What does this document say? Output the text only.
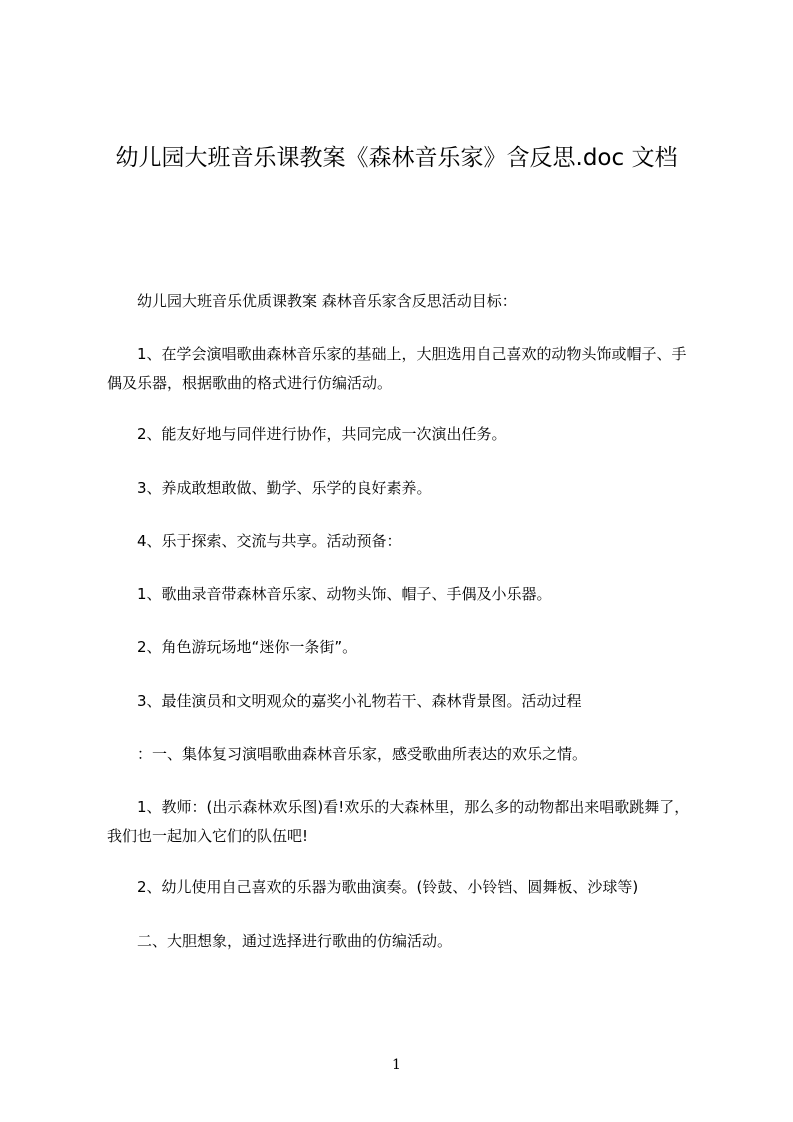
幼儿园大班音乐课教案《森林音乐家》含反思.doc 文档

幼儿园大班音乐优质课教案 森林音乐家含反思活动目标：

1、在学会演唱歌曲森林音乐家的基础上，大胆选用自己喜欢的动物头饰或帽子、手偶及乐器，根据歌曲的格式进行仿编活动。

2、能友好地与同伴进行协作，共同完成一次演出任务。

3、养成敢想敢做、勤学、乐学的良好素养。

4、乐于探索、交流与共享。活动预备：

1、歌曲录音带森林音乐家、动物头饰、帽子、手偶及小乐器。

2、角色游玩场地“迷你一条街”。

3、最佳演员和文明观众的嘉奖小礼物若干、森林背景图。活动过程

：一、集体复习演唱歌曲森林音乐家，感受歌曲所表达的欢乐之情。

1、教师：(出示森林欢乐图)看!欢乐的大森林里，那么多的动物都出来唱歌跳舞了，我们也一起加入它们的队伍吧!

2、幼儿使用自己喜欢的乐器为歌曲演奏。(铃鼓、小铃铛、圆舞板、沙球等)

二、大胆想象，通过选择进行歌曲的仿编活动。

1
